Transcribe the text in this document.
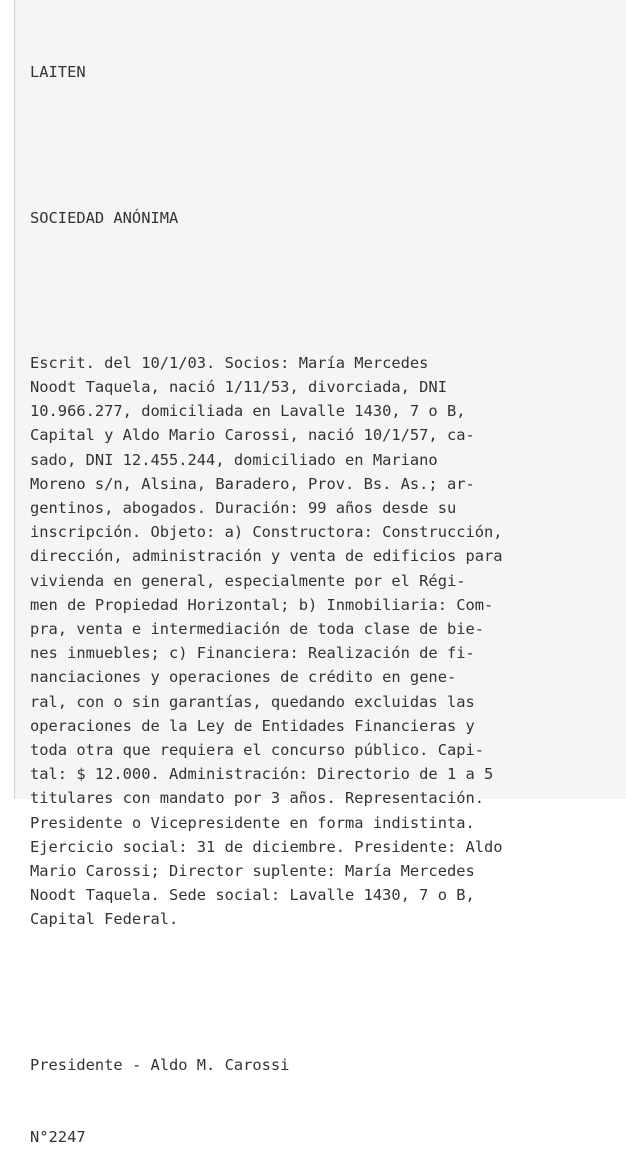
LAITEN

SOCIEDAD ANÓNIMA

Escrit. del 10/1/03. Socios: María Mercedes
Noodt Taquela, nació 1/11/53, divorciada, DNI
10.966.277, domiciliada en Lavalle 1430, 7 o B,
Capital y Aldo Mario Carossi, nació 10/1/57, ca-
sado, DNI 12.455.244, domiciliado en Mariano
Moreno s/n, Alsina, Baradero, Prov. Bs. As.; ar-
gentinos, abogados. Duración: 99 años desde su
inscripción. Objeto: a) Constructora: Construcción,
dirección, administración y venta de edificios para
vivienda en general, especialmente por el Régi-
men de Propiedad Horizontal; b) Inmobiliaria: Com-
pra, venta e intermediación de toda clase de bie-
nes inmuebles; c) Financiera: Realización de fi-
nanciaciones y operaciones de crédito en gene-
ral, con o sin garantías, quedando excluidas las
operaciones de la Ley de Entidades Financieras y
toda otra que requiera el concurso público. Capi-
tal: $ 12.000. Administración: Directorio de 1 a 5
titulares con mandato por 3 años. Representación.
Presidente o Vicepresidente en forma indistinta.
Ejercicio social: 31 de diciembre. Presidente: Aldo
Mario Carossi; Director suplente: María Mercedes
Noodt Taquela. Sede social: Lavalle 1430, 7 o B,
Capital Federal.

Presidente - Aldo M. Carossi

N°2247
